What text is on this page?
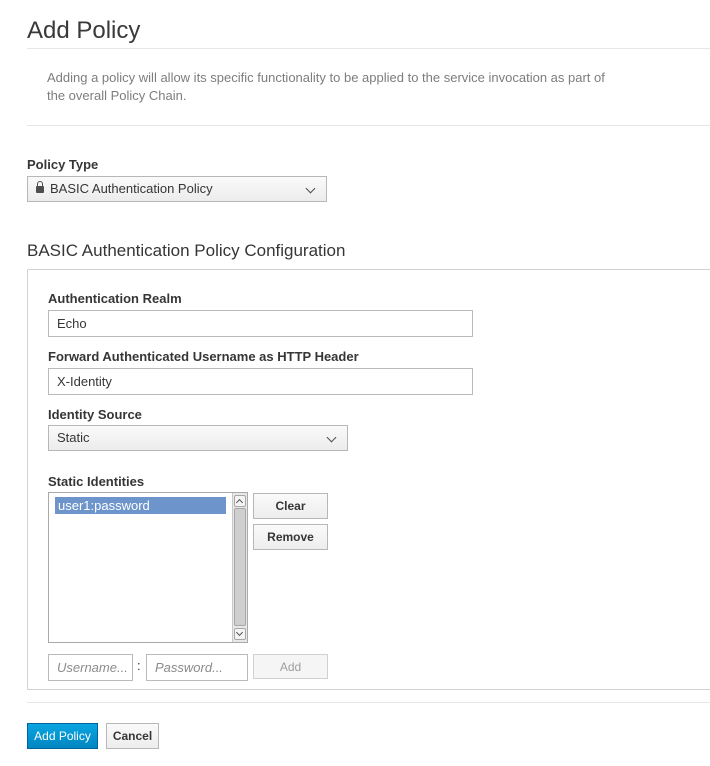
Add Policy
Adding a policy will allow its specific functionality to be applied to the service invocation as part of the overall Policy Chain.
Policy Type
BASIC Authentication Policy
BASIC Authentication Policy Configuration
Authentication Realm
Echo
Forward Authenticated Username as HTTP Header
X-Identity
Identity Source
Static
Static Identities
user1:password	Clear
Remove
Username...
:
Password...	Add
Add Policy	Cancel
